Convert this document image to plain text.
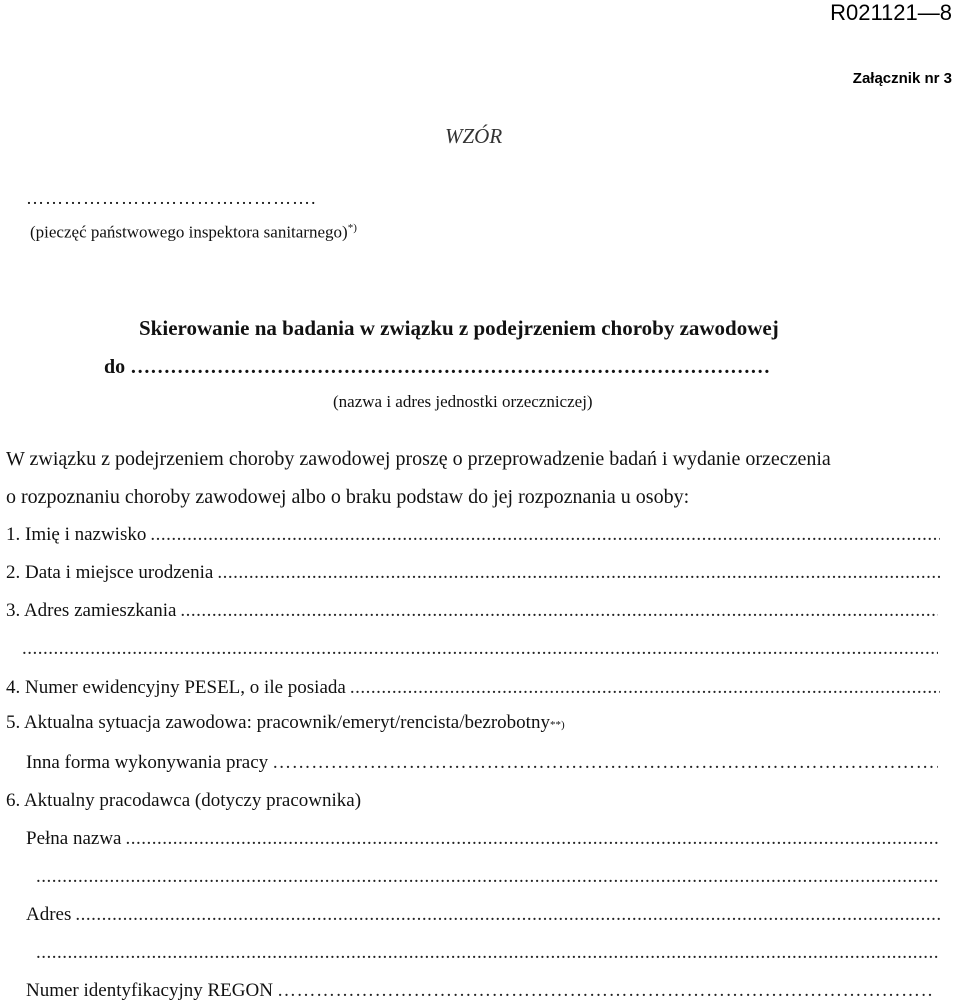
R021121—8
Załącznik nr 3
WZÓR
……………………………………….
(pieczęć państwowego inspektora sanitarnego)*)
Skierowanie na badania w związku z podejrzeniem choroby zawodowej
do ……………………………………………………………………………………
(nazwa i adres jednostki orzeczniczej)
W związku z podejrzeniem choroby zawodowej proszę o przeprowadzenie badań i wydanie orzeczenia
o rozpoznaniu choroby zawodowej albo o braku podstaw do jej rozpoznania u osoby:
1. Imię i nazwisko
.....
2. Data i miejsce urodzenia
.....
3. Adres zamieszkania
.....
.....
4. Numer ewidencyjny PESEL, o ile posiada
.....
5. Aktualna sytuacja zawodowa: pracownik/emeryt/rencista/bezrobotny **)
Inna forma wykonywania pracy
…………………………………………………………………………………………………………………………………………………
6. Aktualny pracodawca (dotyczy pracownika)
Pełna nazwa
.....
.....
Adres
.....
.....
Numer identyfikacyjny REGON
…………………………………………………………………………………………………………………………………………………
